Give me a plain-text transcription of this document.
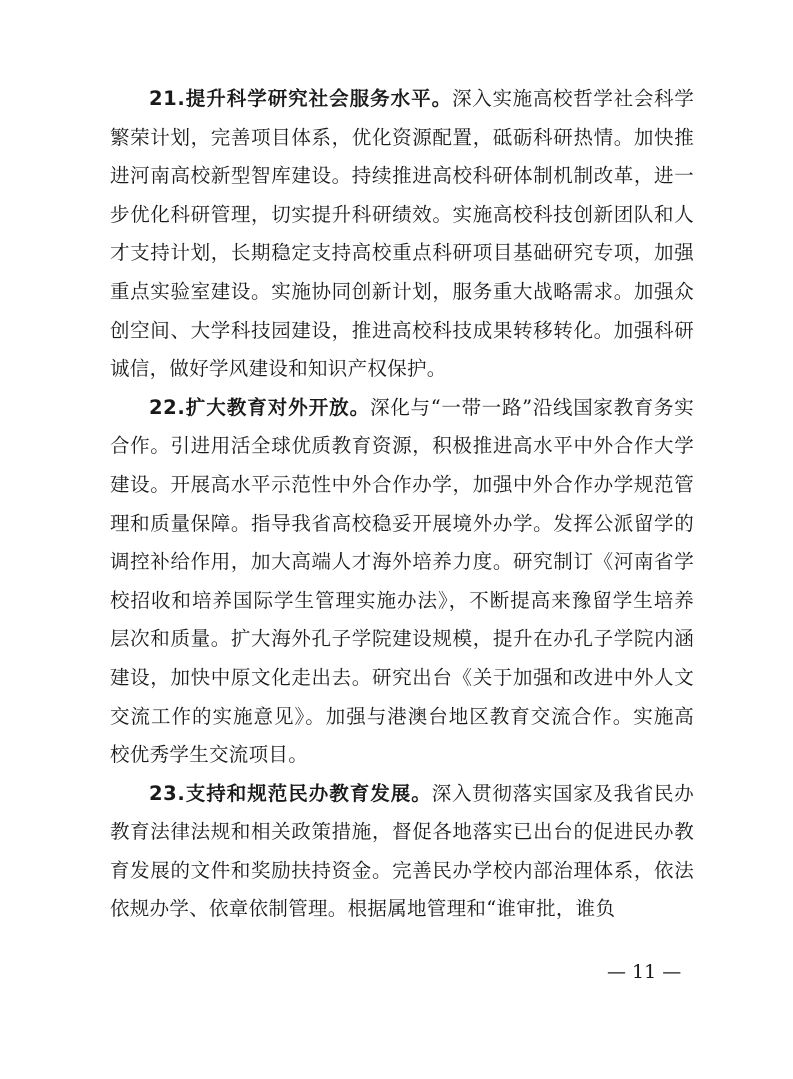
21.提升科学研究社会服务水平。深入实施高校哲学社会科学繁荣计划，完善项目体系，优化资源配置，砥砺科研热情。加快推进河南高校新型智库建设。持续推进高校科研体制机制改革，进一步优化科研管理，切实提升科研绩效。实施高校科技创新团队和人才支持计划，长期稳定支持高校重点科研项目基础研究专项，加强重点实验室建设。实施协同创新计划，服务重大战略需求。加强众创空间、大学科技园建设，推进高校科技成果转移转化。加强科研诚信，做好学风建设和知识产权保护。

22.扩大教育对外开放。深化与“一带一路”沿线国家教育务实合作。引进用活全球优质教育资源，积极推进高水平中外合作大学建设。开展高水平示范性中外合作办学，加强中外合作办学规范管理和质量保障。指导我省高校稳妥开展境外办学。发挥公派留学的调控补给作用，加大高端人才海外培养力度。研究制订《河南省学校招收和培养国际学生管理实施办法》，不断提高来豫留学生培养层次和质量。扩大海外孔子学院建设规模，提升在办孔子学院内涵建设，加快中原文化走出去。研究出台《关于加强和改进中外人文交流工作的实施意见》。加强与港澳台地区教育交流合作。实施高校优秀学生交流项目。

23.支持和规范民办教育发展。深入贯彻落实国家及我省民办教育法律法规和相关政策措施，督促各地落实已出台的促进民办教育发展的文件和奖励扶持资金。完善民办学校内部治理体系，依法依规办学、依章依制管理。根据属地管理和“谁审批，谁负

— 11 —
